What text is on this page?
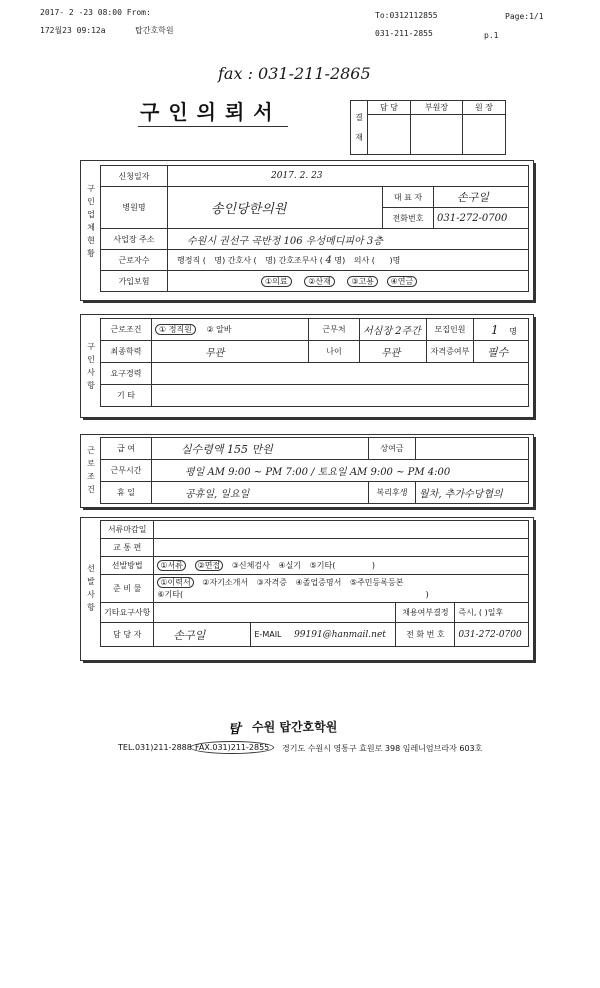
2017- 2 -23 08:00 From:	To:0312112855	Page:1/1
172월23 09:12a	탑간호학원	031-211-2855	p.1
fax : 031-211-2865
구인의뢰서	결
재	담 당	부원장	원 장

구
인
업
체
현
황
신청일자	2017. 2. 23		
병원명	송인당한의원	대 표 자	손구일
		전화번호	031-272-0700
사업장 주소	수원시 권선구 곡반정 106 우성메디피아 3층		
근로자수	행정직 ( 명) 간호사 ( 명) 간호조무사 ( 4 명) 의사 ( )명		
가입보험	①의료 ②산재 ③고용 ④연금		
구
인
사
항
근로조건	① 정직원 ② 알바	근무처	서심장 2주간	모집인원	1 명
최종학력	무관	나이	무관	자격증여부	필수
요구경력					
기 타					
근
로
조
건
급 여	실수령액 155 만원	상여금	
근무시간	평일 AM 9:00 ~ PM 7:00 / 토요일 AM 9:00 ~ PM 4:00		
휴 일	공휴일, 일요일	복리후생	월차, 추가수당협의
선
발
사
항
서류마감일				
교 통 편				
선발방법	①서류 ②면접 ③신체검사 ④실기 ⑤기타( )			
준 비 물	①이력서 ②자기소개서 ③자격증 ④졸업증명서 ⑤주민등록등본
⑥기타( )			
기타요구사항			채용여부결정	즉시, ( )일후
담 당 자	손구일	E-MAIL 99191@hanmail.net	전 화 번 호	031-272-0700
탑 수원 탑간호학원
TEL.031)211-2888 FAX.031)211-2855	경기도 수원시 영통구 효원로 398 임레니엄브라자 603호
